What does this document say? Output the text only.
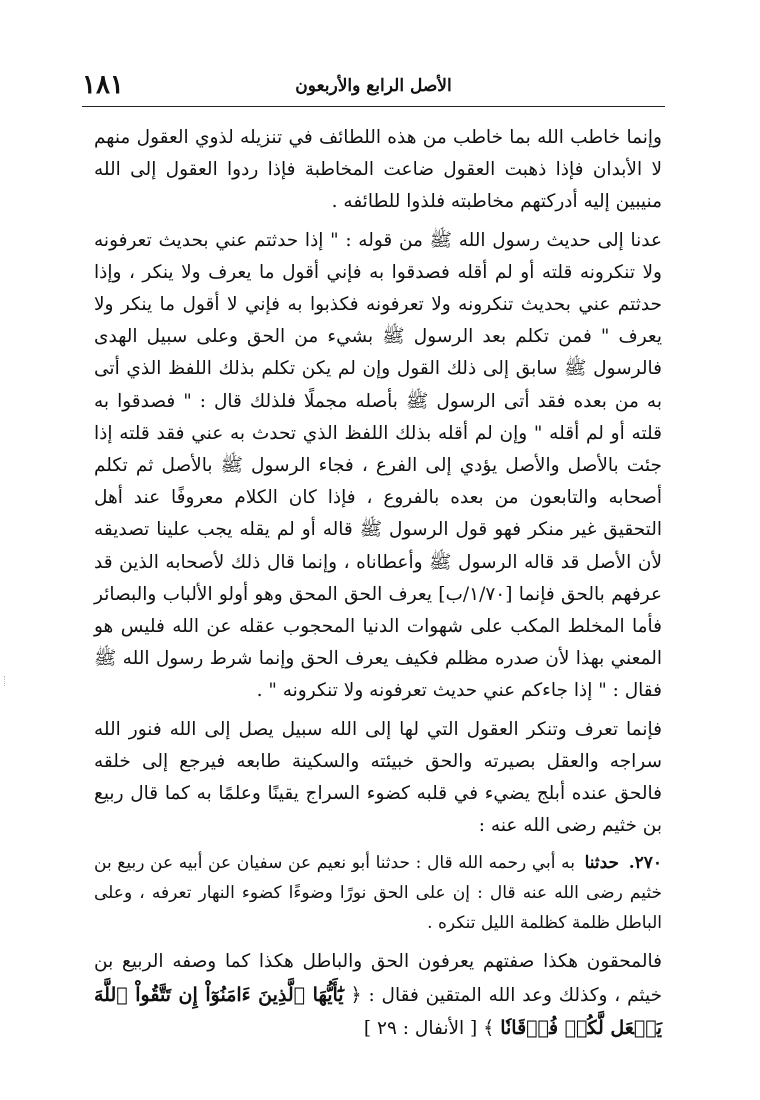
١٨١	الأصل الرابع والأربعون

وإنما خاطب الله بما خاطب من هذه اللطائف في تنزيله لذوي العقول منهم لا الأبدان فإذا ذهبت العقول ضاعت المخاطبة فإذا ردوا العقول إلى الله منيبين إليه أدركتهم مخاطبته فلذوا للطائفه .

عدنا إلى حديث رسول الله ﷺ من قوله : " إذا حدثتم عني بحديث تعرفونه ولا تنكرونه قلته أو لم أقله فصدقوا به فإني أقول ما يعرف ولا ينكر ، وإذا حدثتم عني بحديث تنكرونه ولا تعرفونه فكذبوا به فإني لا أقول ما ينكر ولا يعرف " فمن تكلم بعد الرسول ﷺ بشيء من الحق وعلى سبيل الهدى فالرسول ﷺ سابق إلى ذلك القول وإن لم يكن تكلم بذلك اللفظ الذي أتى به من بعده فقد أتى الرسول ﷺ بأصله مجملًا فلذلك قال : " فصدقوا به قلته أو لم أقله " وإن لم أقله بذلك اللفظ الذي تحدث به عني فقد قلته إذا جئت بالأصل والأصل يؤدي إلى الفرع ، فجاء الرسول ﷺ بالأصل ثم تكلم أصحابه والتابعون من بعده بالفروع ، فإذا كان الكلام معروفًا عند أهل التحقيق غير منكر فهو قول الرسول ﷺ قاله أو لم يقله يجب علينا تصديقه لأن الأصل قد قاله الرسول ﷺ وأعطاناه ، وإنما قال ذلك لأصحابه الذين قد عرفهم بالحق فإنما [١/٧٠/ب] يعرف الحق المحق وهو أولو الألباب والبصائر فأما المخلط المكب على شهوات الدنيا المحجوب عقله عن الله فليس هو المعني بهذا لأن صدره مظلم فكيف يعرف الحق وإنما شرط رسول الله ﷺ فقال : " إذا جاءكم عني حديث تعرفونه ولا تنكرونه " .

فإنما تعرف وتنكر العقول التي لها إلى الله سبيل يصل إلى الله فنور الله سراجه والعقل بصيرته والحق خبيئته والسكينة طابعه فيرجع إلى خلقه فالحق عنده أبلج يضيء في قلبه كضوء السراج يقينًا وعلمًا به كما قال ربيع بن خثيم رضى الله عنه :

٢٧٠. حدثنا به أبي رحمه الله قال : حدثنا أبو نعيم عن سفيان عن أبيه عن ربيع بن خثيم رضى الله عنه قال : إن على الحق نورًا وضوءًا كضوء النهار تعرفه ، وعلى الباطل ظلمة كظلمة الليل تنكره .

فالمحقون هكذا صفتهم يعرفون الحق والباطل هكذا كما وصفه الربيع بن خيثم ، وكذلك وعد الله المتقين فقال : ﴿ يَٰٓأَيُّهَا ٱلَّذِينَ ءَامَنُوٓاْ إِن تَتَّقُواْ ٱللَّهَ يَجۡعَل لَّكُمۡ فُرۡقَانٗا ﴾ [ الأنفال : ٢٩ ]
